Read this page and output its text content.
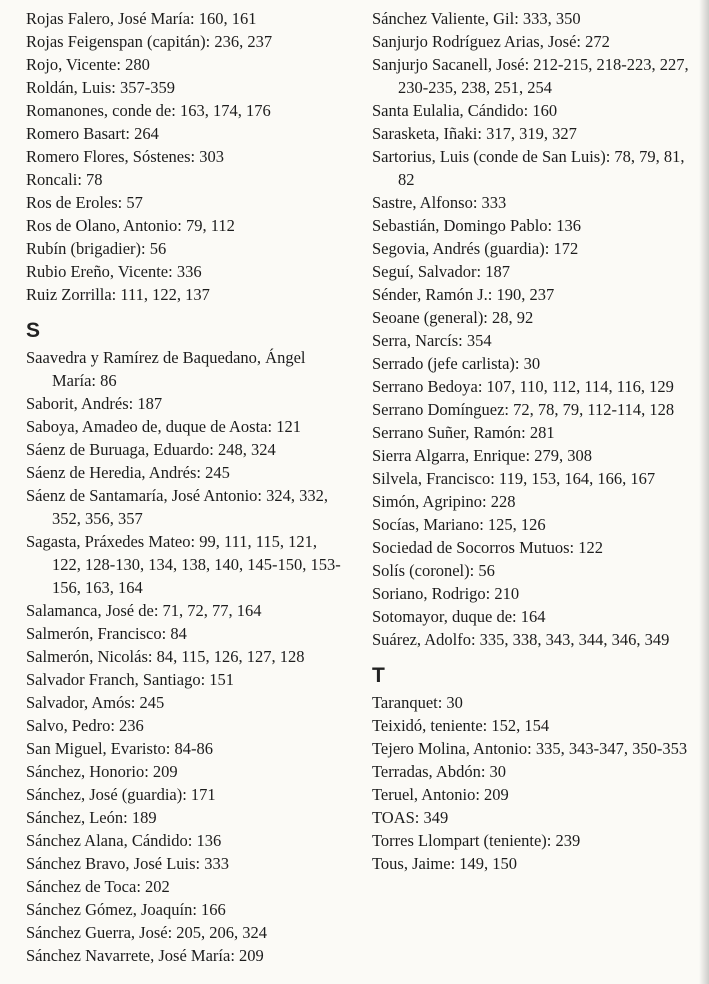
Rojas Falero, José María: 160, 161
Rojas Feigenspan (capitán): 236, 237
Rojo, Vicente: 280
Roldán, Luis: 357-359
Romanones, conde de: 163, 174, 176
Romero Basart: 264
Romero Flores, Sóstenes: 303
Roncali: 78
Ros de Eroles: 57
Ros de Olano, Antonio: 79, 112
Rubín (brigadier): 56
Rubio Ereño, Vicente: 336
Ruiz Zorrilla: 111, 122, 137
S
Saavedra y Ramírez de Baquedano, Ángel María: 86
Saborit, Andrés: 187
Saboya, Amadeo de, duque de Aosta: 121
Sáenz de Buruaga, Eduardo: 248, 324
Sáenz de Heredia, Andrés: 245
Sáenz de Santamaría, José Antonio: 324, 332, 352, 356, 357
Sagasta, Práxedes Mateo: 99, 111, 115, 121, 122, 128-130, 134, 138, 140, 145-150, 153-156, 163, 164
Salamanca, José de: 71, 72, 77, 164
Salmerón, Francisco: 84
Salmerón, Nicolás: 84, 115, 126, 127, 128
Salvador Franch, Santiago: 151
Salvador, Amós: 245
Salvo, Pedro: 236
San Miguel, Evaristo: 84-86
Sánchez, Honorio: 209
Sánchez, José (guardia): 171
Sánchez, León: 189
Sánchez Alana, Cándido: 136
Sánchez Bravo, José Luis: 333
Sánchez de Toca: 202
Sánchez Gómez, Joaquín: 166
Sánchez Guerra, José: 205, 206, 324
Sánchez Navarrete, José María: 209
Sánchez Valiente, Gil: 333, 350
Sanjurjo Rodríguez Arias, José: 272
Sanjurjo Sacanell, José: 212-215, 218-223, 227, 230-235, 238, 251, 254
Santa Eulalia, Cándido: 160
Sarasketa, Iñaki: 317, 319, 327
Sartorius, Luis (conde de San Luis): 78, 79, 81, 82
Sastre, Alfonso: 333
Sebastián, Domingo Pablo: 136
Segovia, Andrés (guardia): 172
Seguí, Salvador: 187
Sénder, Ramón J.: 190, 237
Seoane (general): 28, 92
Serra, Narcís: 354
Serrado (jefe carlista): 30
Serrano Bedoya: 107, 110, 112, 114, 116, 129
Serrano Domínguez: 72, 78, 79, 112-114, 128
Serrano Suñer, Ramón: 281
Sierra Algarra, Enrique: 279, 308
Silvela, Francisco: 119, 153, 164, 166, 167
Simón, Agripino: 228
Socías, Mariano: 125, 126
Sociedad de Socorros Mutuos: 122
Solís (coronel): 56
Soriano, Rodrigo: 210
Sotomayor, duque de: 164
Suárez, Adolfo: 335, 338, 343, 344, 346, 349
T
Taranquet: 30
Teixidó, teniente: 152, 154
Tejero Molina, Antonio: 335, 343-347, 350-353
Terradas, Abdón: 30
Teruel, Antonio: 209
TOAS: 349
Torres Llompart (teniente): 239
Tous, Jaime: 149, 150
